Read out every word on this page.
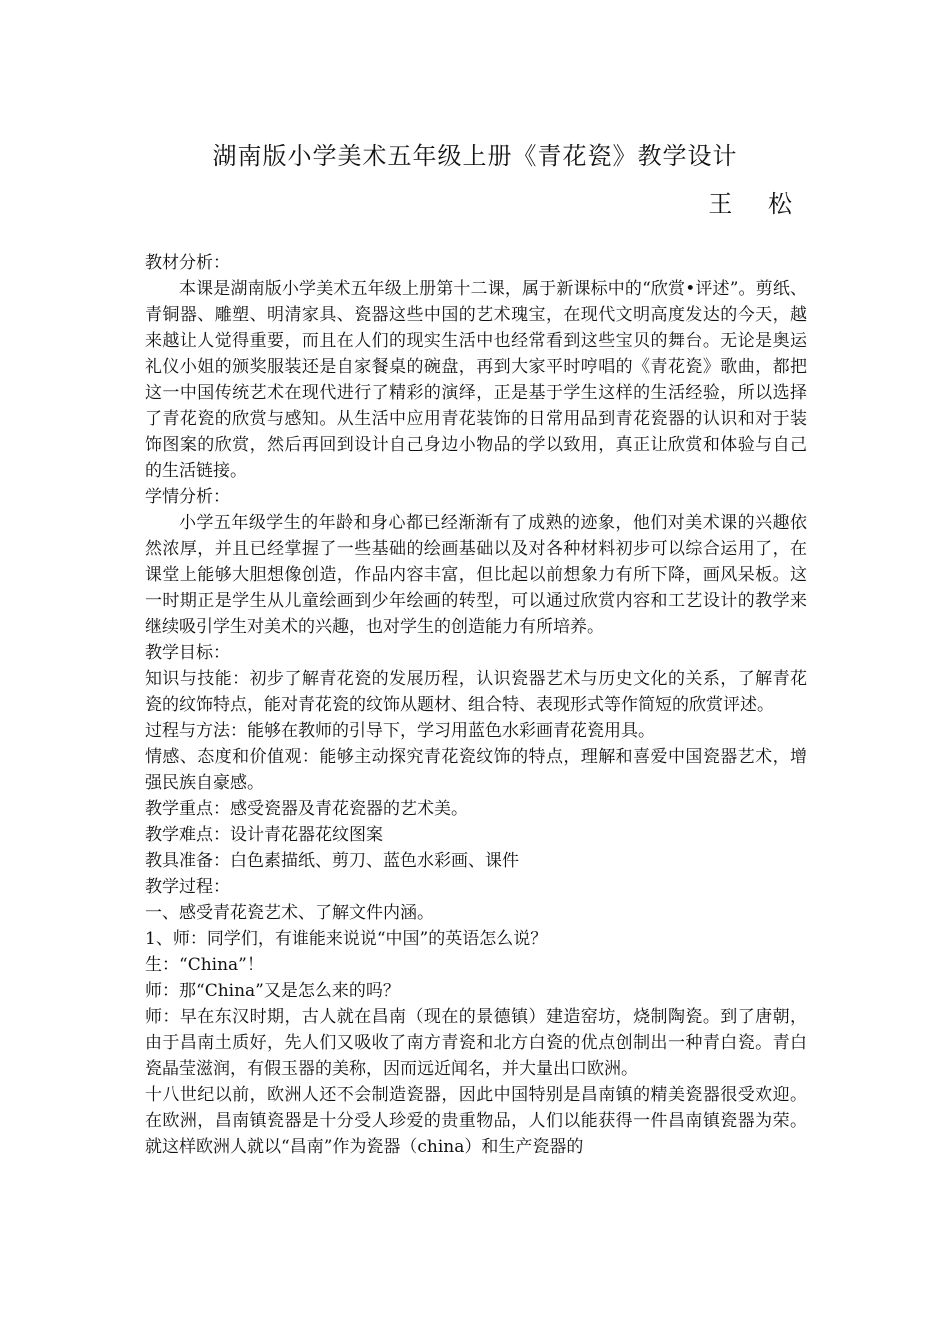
湖南版小学美术五年级上册《青花瓷》教学设计
王 松

教材分析：

本课是湖南版小学美术五年级上册第十二课，属于新课标中的“欣赏•评述”。剪纸、青铜器、雕塑、明清家具、瓷器这些中国的艺术瑰宝，在现代文明高度发达的今天，越来越让人觉得重要，而且在人们的现实生活中也经常看到这些宝贝的舞台。无论是奥运礼仪小姐的颁奖服装还是自家餐桌的碗盘，再到大家平时哼唱的《青花瓷》歌曲，都把这一中国传统艺术在现代进行了精彩的演绎，正是基于学生这样的生活经验，所以选择了青花瓷的欣赏与感知。从生活中应用青花装饰的日常用品到青花瓷器的认识和对于装饰图案的欣赏，然后再回到设计自己身边小物品的学以致用，真正让欣赏和体验与自己的生活链接。

学情分析：

小学五年级学生的年龄和身心都已经渐渐有了成熟的迹象，他们对美术课的兴趣依然浓厚，并且已经掌握了一些基础的绘画基础以及对各种材料初步可以综合运用了，在课堂上能够大胆想像创造，作品内容丰富，但比起以前想象力有所下降，画风呆板。这一时期正是学生从儿童绘画到少年绘画的转型，可以通过欣赏内容和工艺设计的教学来继续吸引学生对美术的兴趣，也对学生的创造能力有所培养。

教学目标：

知识与技能：初步了解青花瓷的发展历程，认识瓷器艺术与历史文化的关系，了解青花瓷的纹饰特点，能对青花瓷的纹饰从题材、组合特、表现形式等作简短的欣赏评述。

过程与方法：能够在教师的引导下，学习用蓝色水彩画青花瓷用具。

情感、态度和价值观：能够主动探究青花瓷纹饰的特点，理解和喜爱中国瓷器艺术，增强民族自豪感。

教学重点：感受瓷器及青花瓷器的艺术美。

教学难点：设计青花器花纹图案

教具准备：白色素描纸、剪刀、蓝色水彩画、课件

教学过程：

一、感受青花瓷艺术、了解文件内涵。

1、师：同学们，有谁能来说说“中国”的英语怎么说？

生：“China”！

师：那“China”又是怎么来的吗？

师：早在东汉时期，古人就在昌南（现在的景德镇）建造窑坊，烧制陶瓷。到了唐朝，由于昌南土质好，先人们又吸收了南方青瓷和北方白瓷的优点创制出一种青白瓷。青白瓷晶莹滋润，有假玉器的美称，因而远近闻名，并大量出口欧洲。

十八世纪以前，欧洲人还不会制造瓷器，因此中国特别是昌南镇的精美瓷器很受欢迎。在欧洲，昌南镇瓷器是十分受人珍爱的贵重物品，人们以能获得一件昌南镇瓷器为荣。就这样欧洲人就以“昌南”作为瓷器（china）和生产瓷器的
